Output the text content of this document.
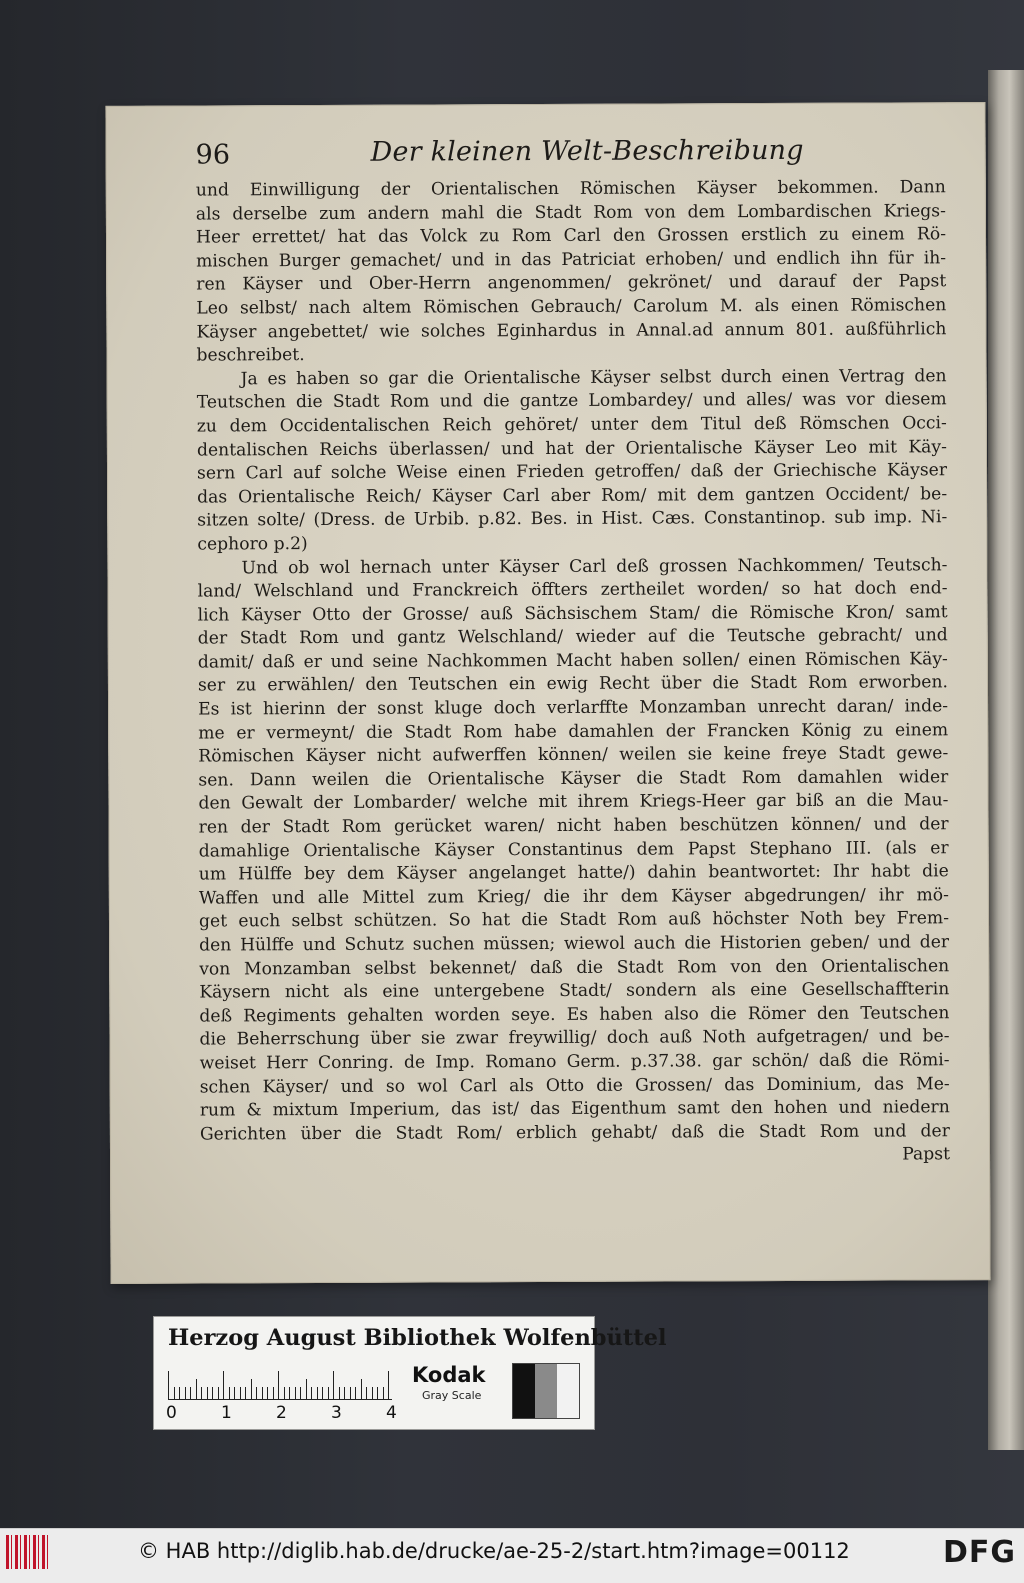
96	Der kleinen Welt-Beschreibung
und Einwilligung der Orientalischen Römischen Käyser bekommen. Dann
als derselbe zum andern mahl die Stadt Rom von dem Lombardischen Kriegs-
Heer errettet/ hat das Volck zu Rom Carl den Grossen erstlich zu einem Rö-
mischen Burger gemachet/ und in das Patriciat erhoben/ und endlich ihn für ih-
ren Käyser und Ober-Herrn angenommen/ gekrönet/ und darauf der Papst
Leo selbst/ nach altem Römischen Gebrauch/ Carolum M. als einen Römischen
Käyser angebettet/ wie solches Eginhardus in Annal.ad annum 801. außführlich
beschreibet.
Ja es haben so gar die Orientalische Käyser selbst durch einen Vertrag den
Teutschen die Stadt Rom und die gantze Lombardey/ und alles/ was vor diesem
zu dem Occidentalischen Reich gehöret/ unter dem Titul deß Römschen Occi-
dentalischen Reichs überlassen/ und hat der Orientalische Käyser Leo mit Käy-
sern Carl auf solche Weise einen Frieden getroffen/ daß der Griechische Käyser
das Orientalische Reich/ Käyser Carl aber Rom/ mit dem gantzen Occident/ be-
sitzen solte/ (Dress. de Urbib. p.82. Bes. in Hist. Cæs. Constantinop. sub imp. Ni-
cephoro p.2)
Und ob wol hernach unter Käyser Carl deß grossen Nachkommen/ Teutsch-
land/ Welschland und Franckreich öffters zertheilet worden/ so hat doch end-
lich Käyser Otto der Grosse/ auß Sächsischem Stam/ die Römische Kron/ samt
der Stadt Rom und gantz Welschland/ wieder auf die Teutsche gebracht/ und
damit/ daß er und seine Nachkommen Macht haben sollen/ einen Römischen Käy-
ser zu erwählen/ den Teutschen ein ewig Recht über die Stadt Rom erworben.
Es ist hierinn der sonst kluge doch verlarffte Monzamban unrecht daran/ inde-
me er vermeynt/ die Stadt Rom habe damahlen der Francken König zu einem
Römischen Käyser nicht aufwerffen können/ weilen sie keine freye Stadt gewe-
sen. Dann weilen die Orientalische Käyser die Stadt Rom damahlen wider
den Gewalt der Lombarder/ welche mit ihrem Kriegs-Heer gar biß an die Mau-
ren der Stadt Rom gerücket waren/ nicht haben beschützen können/ und der
damahlige Orientalische Käyser Constantinus dem Papst Stephano III. (als er
um Hülffe bey dem Käyser angelanget hatte/) dahin beantwortet: Ihr habt die
Waffen und alle Mittel zum Krieg/ die ihr dem Käyser abgedrungen/ ihr mö-
get euch selbst schützen. So hat die Stadt Rom auß höchster Noth bey Frem-
den Hülffe und Schutz suchen müssen; wiewol auch die Historien geben/ und der
von Monzamban selbst bekennet/ daß die Stadt Rom von den Orientalischen
Käysern nicht als eine untergebene Stadt/ sondern als eine Gesellschaffterin
deß Regiments gehalten worden seye. Es haben also die Römer den Teutschen
die Beherrschung über sie zwar freywillig/ doch auß Noth aufgetragen/ und be-
weiset Herr Conring. de Imp. Romano Germ. p.37.38. gar schön/ daß die Römi-
schen Käyser/ und so wol Carl als Otto die Grossen/ das Dominium, das Me-
rum & mixtum Imperium, das ist/ das Eigenthum samt den hohen und niedern
Gerichten über die Stadt Rom/ erblich gehabt/ daß die Stadt Rom und der
Papst
Herzog August Bibliothek Wolfenbüttel
Kodak
Gray Scale
0	1	2	3	4
© HAB http://diglib.hab.de/drucke/ae-25-2/start.htm?image=00112	DFG
